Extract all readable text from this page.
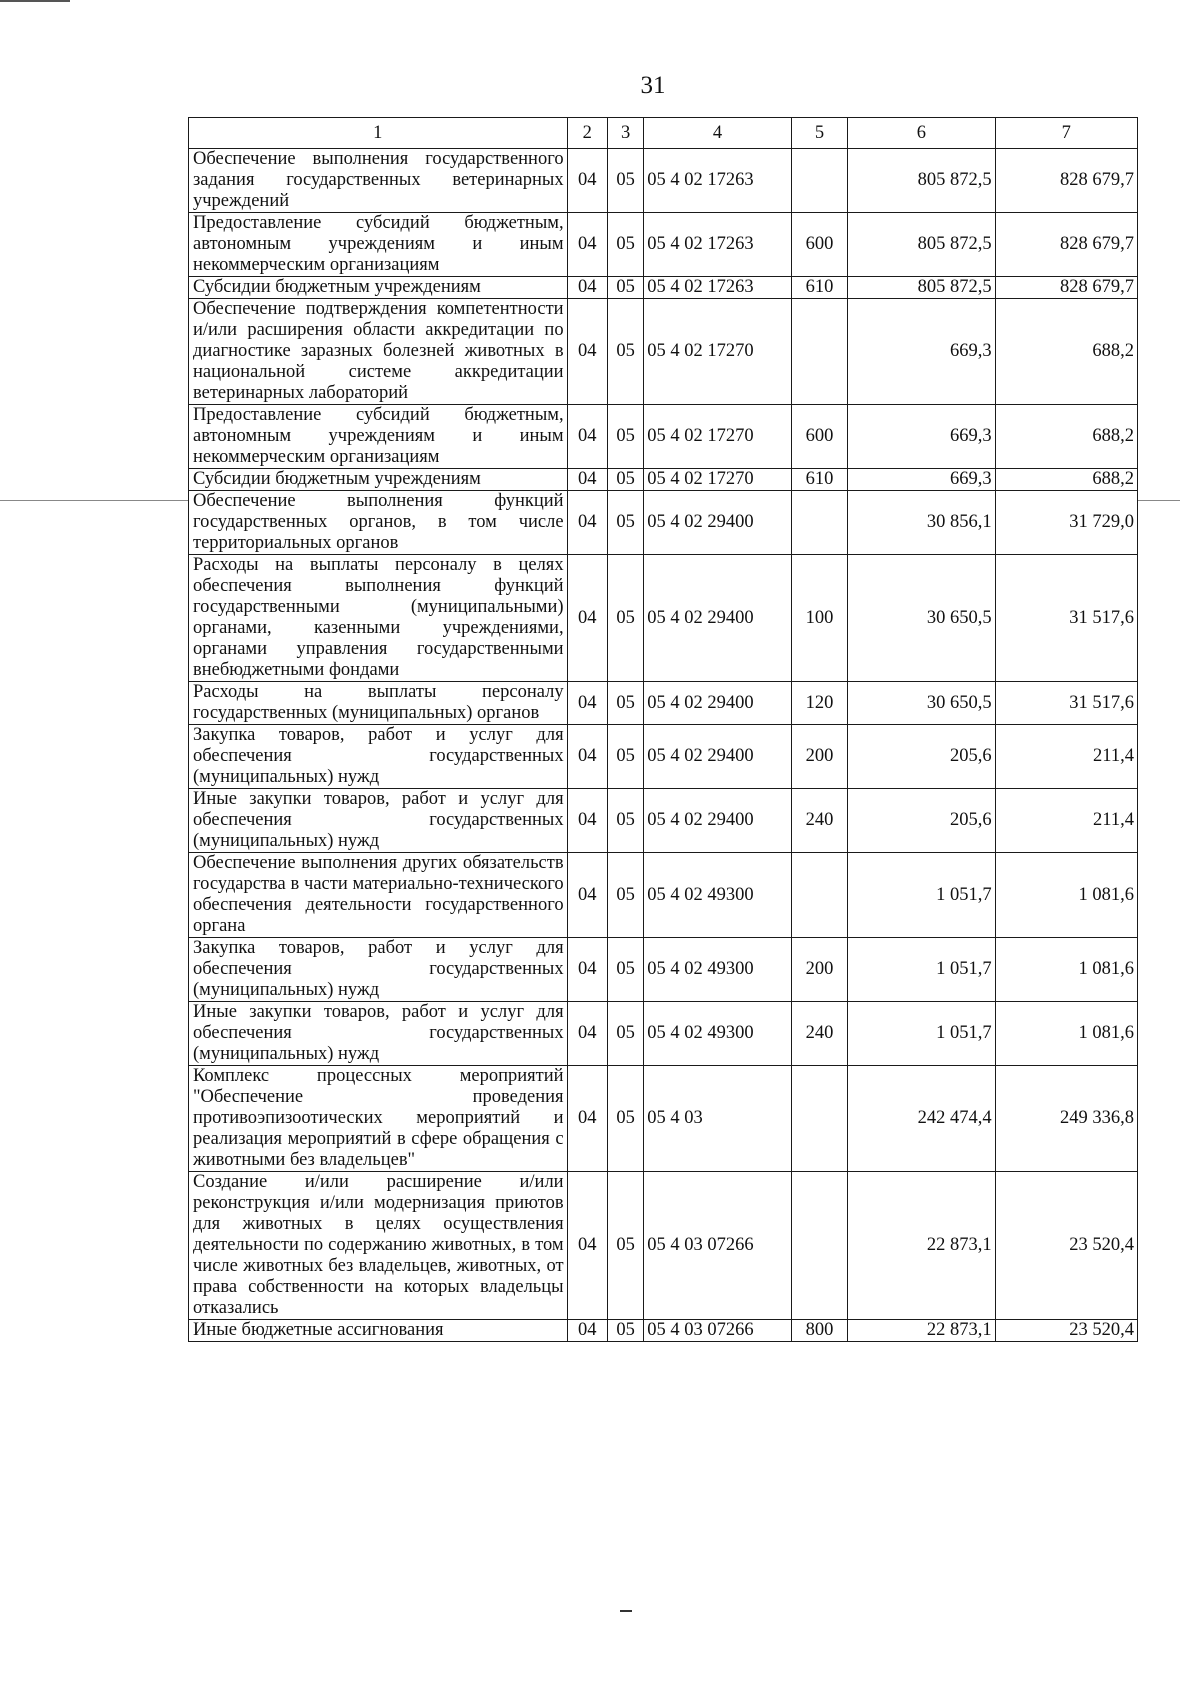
31
1	2	3	4	5	6	7
Обеспечение выполнения государственного задания государственных ветеринарных учреждений	04	05	05 4 02 17263		805 872,5	828 679,7
Предоставление субсидий бюджетным, автономным учреждениям и иным некоммерческим организациям	04	05	05 4 02 17263	600	805 872,5	828 679,7
Субсидии бюджетным учреждениям	04	05	05 4 02 17263	610	805 872,5	828 679,7
Обеспечение подтверждения компетентности и/или расширения области аккредитации по диагностике заразных болезней животных в национальной системе аккредитации ветеринарных лабораторий	04	05	05 4 02 17270		669,3	688,2
Предоставление субсидий бюджетным, автономным учреждениям и иным некоммерческим организациям	04	05	05 4 02 17270	600	669,3	688,2
Субсидии бюджетным учреждениям	04	05	05 4 02 17270	610	669,3	688,2
Обеспечение выполнения функций государственных органов, в том числе территориальных органов	04	05	05 4 02 29400		30 856,1	31 729,0
Расходы на выплаты персоналу в целях обеспечения выполнения функций государственными (муниципальными) органами, казенными учреждениями, органами управления государственными внебюджетными фондами	04	05	05 4 02 29400	100	30 650,5	31 517,6
Расходы на выплаты персоналу государственных (муниципальных) органов	04	05	05 4 02 29400	120	30 650,5	31 517,6
Закупка товаров, работ и услуг для обеспечения государственных (муниципальных) нужд	04	05	05 4 02 29400	200	205,6	211,4
Иные закупки товаров, работ и услуг для обеспечения государственных (муниципальных) нужд	04	05	05 4 02 29400	240	205,6	211,4
Обеспечение выполнения других обязательств государства в части материально-технического обеспечения деятельности государственного органа	04	05	05 4 02 49300		1 051,7	1 081,6
Закупка товаров, работ и услуг для обеспечения государственных (муниципальных) нужд	04	05	05 4 02 49300	200	1 051,7	1 081,6
Иные закупки товаров, работ и услуг для обеспечения государственных (муниципальных) нужд	04	05	05 4 02 49300	240	1 051,7	1 081,6
Комплекс процессных мероприятий "Обеспечение проведения противоэпизоотических мероприятий и реализация мероприятий в сфере обращения с животными без владельцев"	04	05	05 4 03		242 474,4	249 336,8
Создание и/или расширение и/или реконструкция и/или модернизация приютов для животных в целях осуществления деятельности по содержанию животных, в том числе животных без владельцев, животных, от права собственности на которых владельцы отказались	04	05	05 4 03 07266		22 873,1	23 520,4
Иные бюджетные ассигнования	04	05	05 4 03 07266	800	22 873,1	23 520,4
